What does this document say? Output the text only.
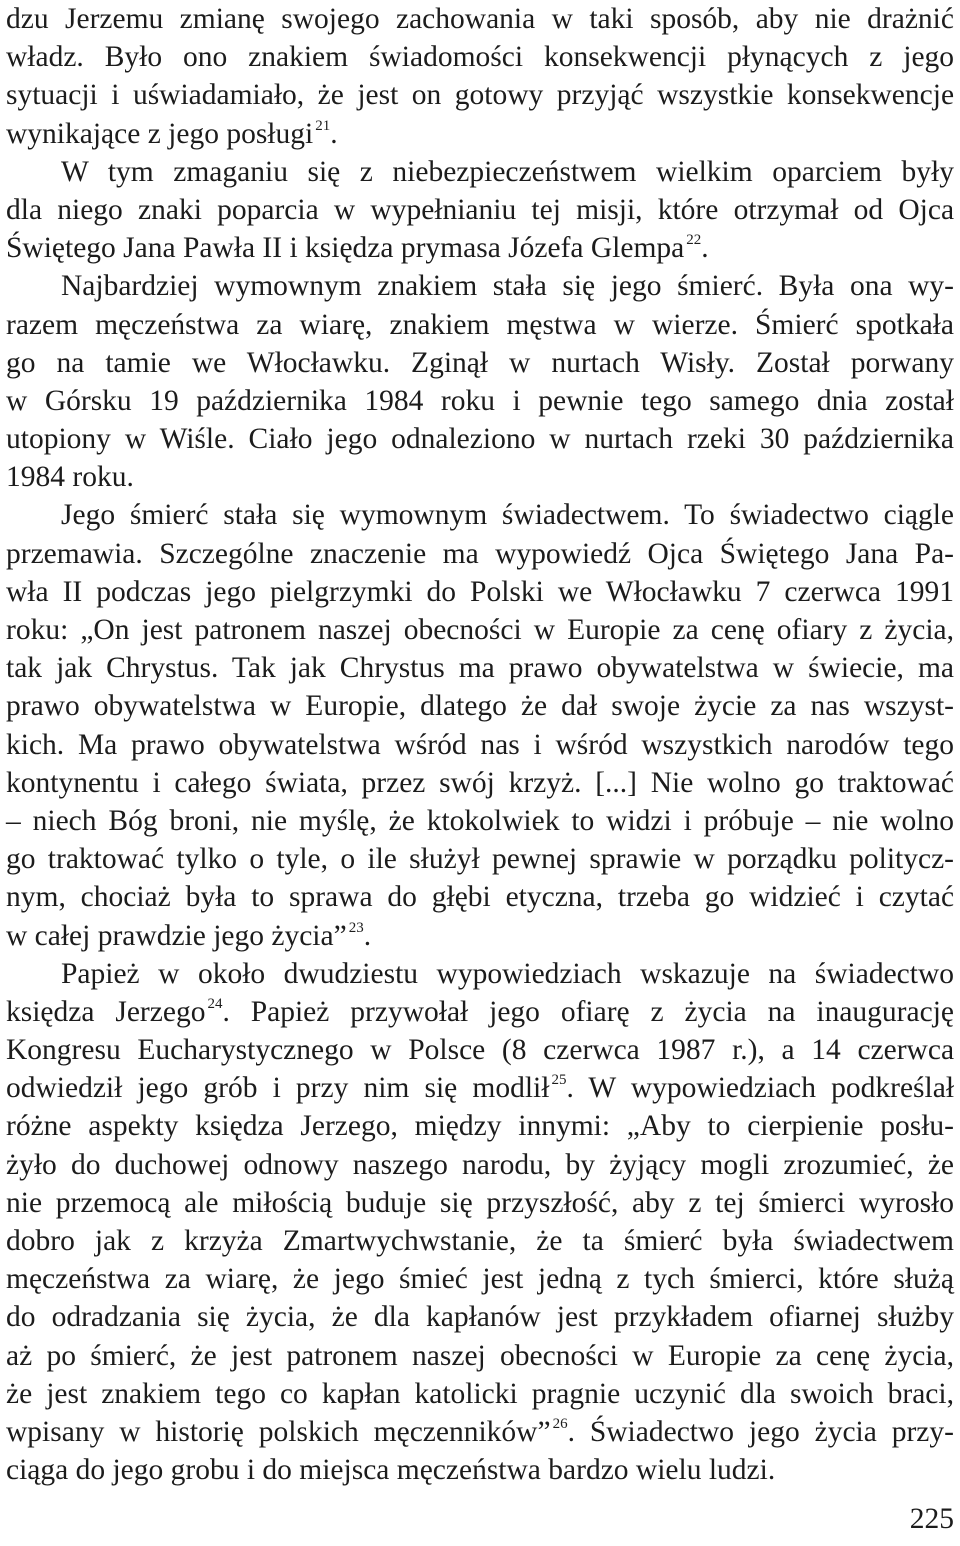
dzu Jerzemu zmianę swojego zachowania w taki sposób, aby nie drażnić
władz. Było ono znakiem świadomości konsekwencji płynących z jego
sytuacji i uświadamiało, że jest on gotowy przyjąć wszystkie konsekwencje
wynikające z jego posługi $^{21}$.
W tym zmaganiu się z niebezpieczeństwem wielkim oparciem były
dla niego znaki poparcia w wypełnianiu tej misji, które otrzymał od Ojca
Świętego Jana Pawła II i księdza prymasa Józefa Glempa $^{22}$.
Najbardziej wymownym znakiem stała się jego śmierć. Była ona wy-
razem męczeństwa za wiarę, znakiem męstwa w wierze. Śmierć spotkała
go na tamie we Włocławku. Zginął w nurtach Wisły. Został porwany
w Górsku 19 października 1984 roku i pewnie tego samego dnia został
utopiony w Wiśle. Ciało jego odnaleziono w nurtach rzeki 30 października
1984 roku.
Jego śmierć stała się wymownym świadectwem. To świadectwo ciągle
przemawia. Szczególne znaczenie ma wypowiedź Ojca Świętego Jana Pa-
wła II podczas jego pielgrzymki do Polski we Włocławku 7 czerwca 1991
roku: „On jest patronem naszej obecności w Europie za cenę ofiary z życia,
tak jak Chrystus. Tak jak Chrystus ma prawo obywatelstwa w świecie, ma
prawo obywatelstwa w Europie, dlatego że dał swoje życie za nas wszyst-
kich. Ma prawo obywatelstwa wśród nas i wśród wszystkich narodów tego
kontynentu i całego świata, przez swój krzyż. [...] Nie wolno go traktować
– niech Bóg broni, nie myślę, że ktokolwiek to widzi i próbuje – nie wolno
go traktować tylko o tyle, o ile służył pewnej sprawie w porządku politycz-
nym, chociaż była to sprawa do głębi etyczna, trzeba go widzieć i czytać
w całej prawdzie jego życia” $^{23}$.
Papież w około dwudziestu wypowiedziach wskazuje na świadectwo
księdza Jerzego $^{24}$. Papież przywołał jego ofiarę z życia na inaugurację
Kongresu Eucharystycznego w Polsce (8 czerwca 1987 r.), a 14 czerwca
odwiedził jego grób i przy nim się modlił $^{25}$. W wypowiedziach podkreślał
różne aspekty księdza Jerzego, między innymi: „Aby to cierpienie posłu-
żyło do duchowej odnowy naszego narodu, by żyjący mogli zrozumieć, że
nie przemocą ale miłością buduje się przyszłość, aby z tej śmierci wyrosło
dobro jak z krzyża Zmartwychwstanie, że ta śmierć była świadectwem
męczeństwa za wiarę, że jego śmieć jest jedną z tych śmierci, które służą
do odradzania się życia, że dla kapłanów jest przykładem ofiarnej służby
aż po śmierć, że jest patronem naszej obecności w Europie za cenę życia,
że jest znakiem tego co kapłan katolicki pragnie uczynić dla swoich braci,
wpisany w historię polskich męczenników” $^{26}$. Świadectwo jego życia przy-
ciąga do jego grobu i do miejsca męczeństwa bardzo wielu ludzi.
225
